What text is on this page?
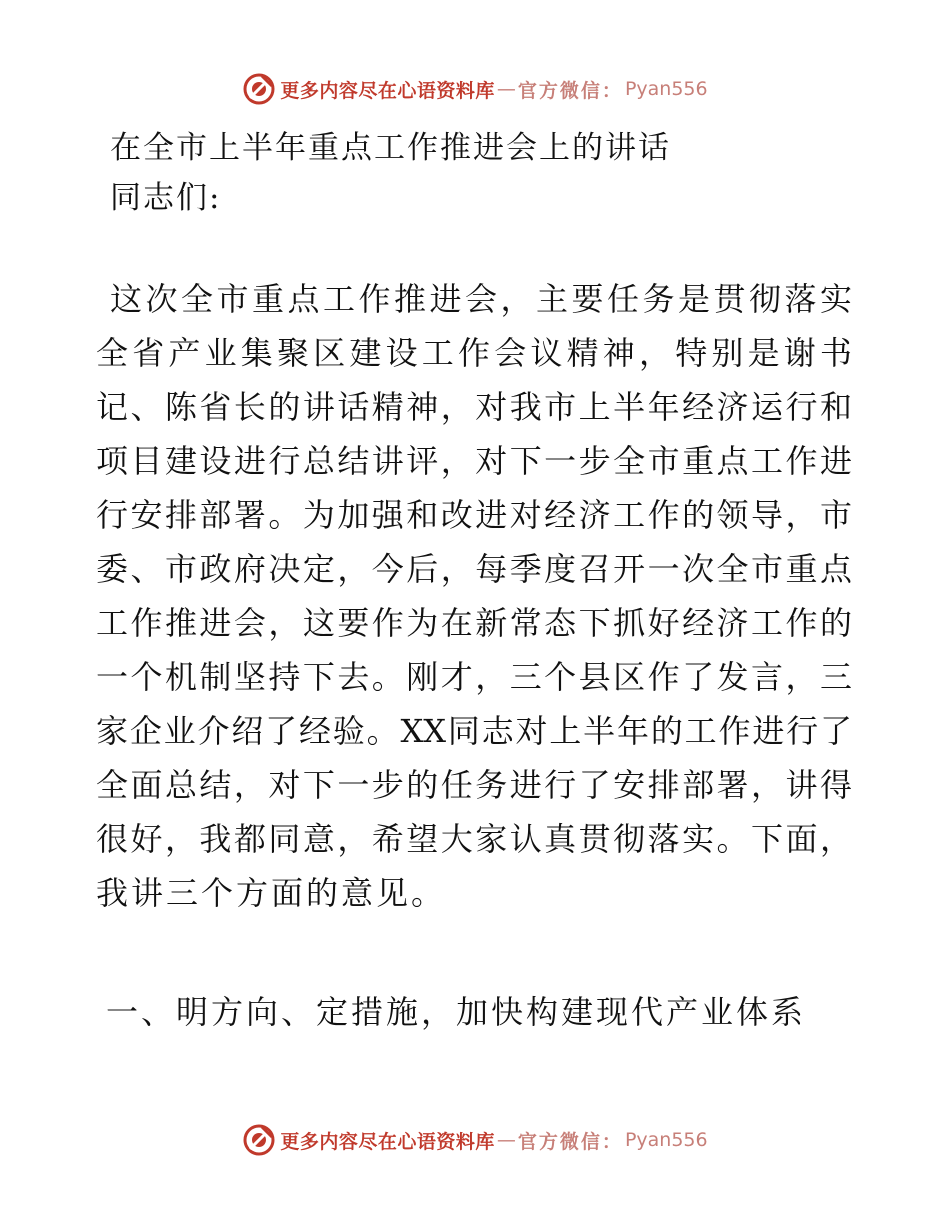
更多内容尽在心语资料库 — 官方微信： Pyan556
在全市上半年重点工作推进会上的讲话
同志们:
这次全市重点工作推进会，主要任务是贯彻落实
全省产业集聚区建设工作会议精神，特别是谢书
记、陈省长的讲话精神，对我市上半年经济运行和
项目建设进行总结讲评，对下一步全市重点工作进
行安排部署。为加强和改进对经济工作的领导，市
委、市政府决定，今后，每季度召开一次全市重点
工作推进会，这要作为在新常态下抓好经济工作的
一个机制坚持下去。刚才，三个县区作了发言，三
家企业介绍了经验。XX同志对上半年的工作进行了
全面总结，对下一步的任务进行了安排部署，讲得
很好，我都同意，希望大家认真贯彻落实。下面，
我讲三个方面的意见。
一、明方向、定措施，加快构建现代产业体系
更多内容尽在心语资料库 — 官方微信： Pyan556
